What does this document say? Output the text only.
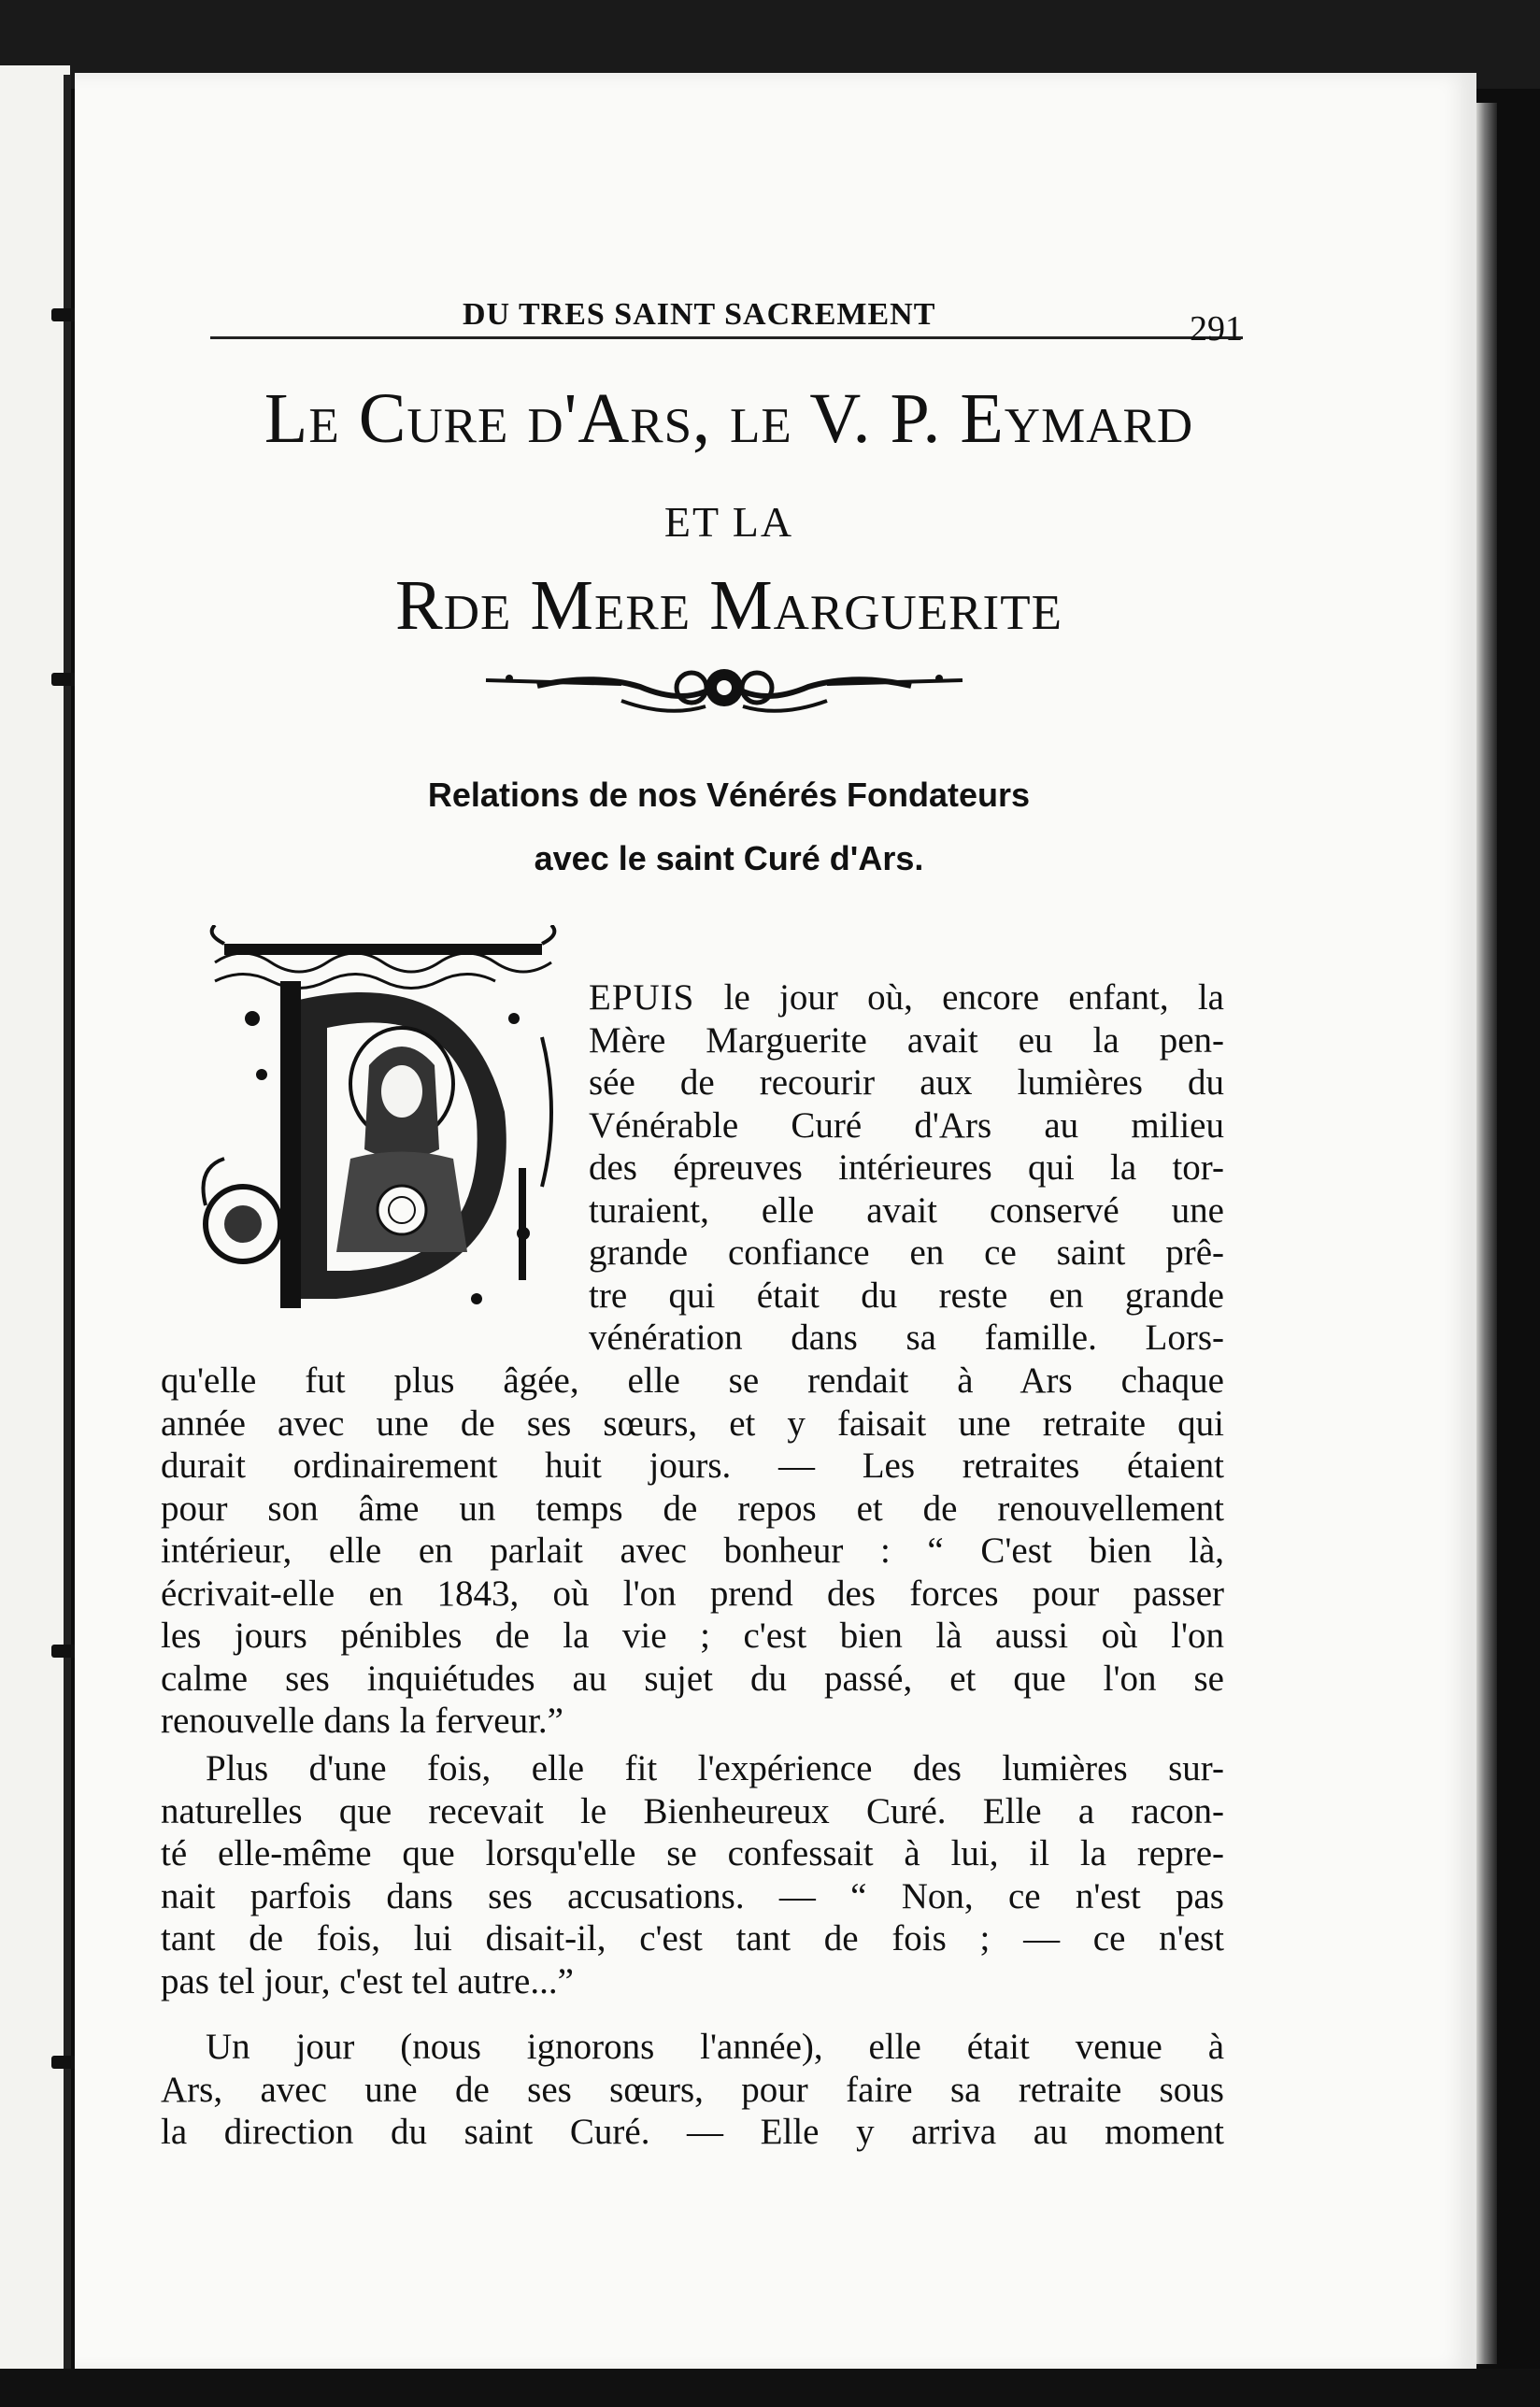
DU TRES SAINT SACREMENT	291
Le Cure d'Ars, le V. P. Eymard
ET LA
Rde Mere Marguerite
Relations de nos Vénérés Fondateurs
avec le saint Curé d'Ars.
EPUIS le jour où, encore enfant, la
Mère Marguerite avait eu la pen-
sée de recourir aux lumières du
Vénérable Curé d'Ars au milieu
des épreuves intérieures qui la tor-
turaient, elle avait conservé une
grande confiance en ce saint prê-
tre qui était du reste en grande
vénération dans sa famille. Lors-
qu'elle fut plus âgée, elle se rendait à Ars chaque
année avec une de ses sœurs, et y faisait une retraite qui
durait ordinairement huit jours. — Les retraites étaient
pour son âme un temps de repos et de renouvellement
intérieur, elle en parlait avec bonheur : “ C'est bien là,
écrivait-elle en 1843, où l'on prend des forces pour passer
les jours pénibles de la vie ; c'est bien là aussi où l'on
calme ses inquiétudes au sujet du passé, et que l'on se
renouvelle dans la ferveur.”
Plus d'une fois, elle fit l'expérience des lumières sur-
naturelles que recevait le Bienheureux Curé. Elle a racon-
té elle-même que lorsqu'elle se confessait à lui, il la repre-
nait parfois dans ses accusations. — “ Non, ce n'est pas
tant de fois, lui disait-il, c'est tant de fois ; — ce n'est
pas tel jour, c'est tel autre...”
Un jour (nous ignorons l'année), elle était venue à
Ars, avec une de ses sœurs, pour faire sa retraite sous
la direction du saint Curé. — Elle y arriva au moment
